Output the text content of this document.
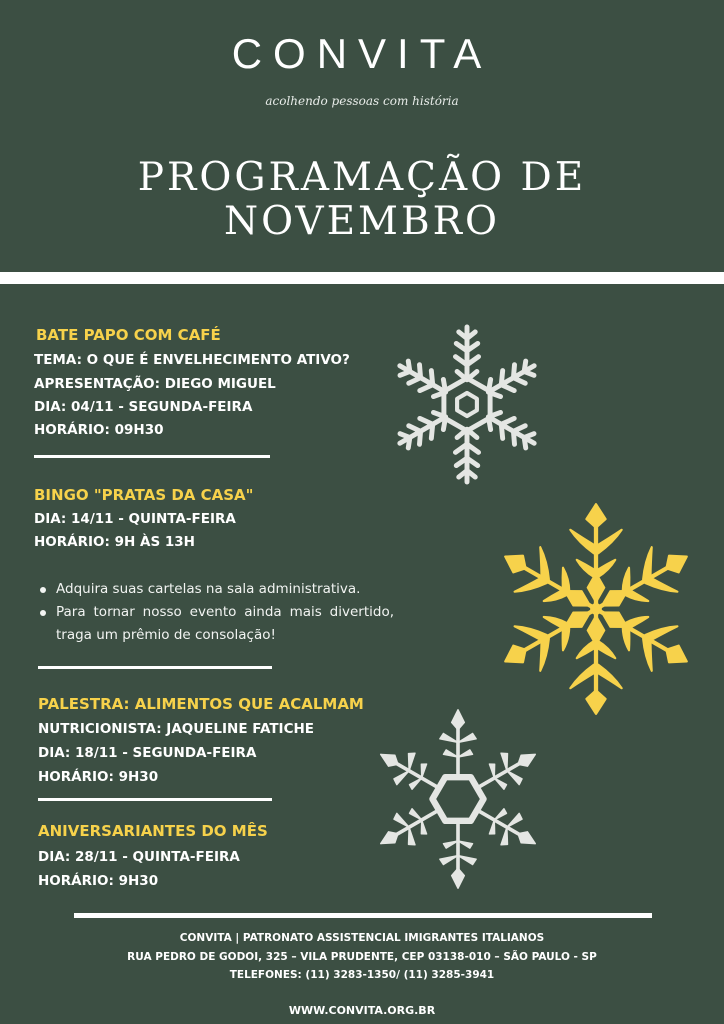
CONVITA
acolhendo pessoas com história
PROGRAMAÇÃO DE
NOVEMBRO
BATE PAPO COM CAFÉ
TEMA: O QUE É ENVELHECIMENTO ATIVO?
APRESENTAÇÃO: DIEGO MIGUEL
DIA: 04/11 - SEGUNDA-FEIRA
HORÁRIO: 09H30
BINGO "PRATAS DA CASA"
DIA: 14/11 - QUINTA-FEIRA
HORÁRIO: 9H ÀS 13H
Adquira suas cartelas na sala administrativa.
Para tornar nosso evento ainda mais divertido, traga um prêmio de consolação!
PALESTRA: ALIMENTOS QUE ACALMAM
NUTRICIONISTA: JAQUELINE FATICHE
DIA: 18/11 - SEGUNDA-FEIRA
HORÁRIO: 9H30
ANIVERSARIANTES DO MÊS
DIA: 28/11 - QUINTA-FEIRA
HORÁRIO: 9H30
CONVITA | PATRONATO ASSISTENCIAL IMIGRANTES ITALIANOS
RUA PEDRO DE GODOI, 325 – VILA PRUDENTE, CEP 03138-010 – SÃO PAULO - SP
TELEFONES: (11) 3283-1350/ (11) 3285-3941
WWW.CONVITA.ORG.BR
